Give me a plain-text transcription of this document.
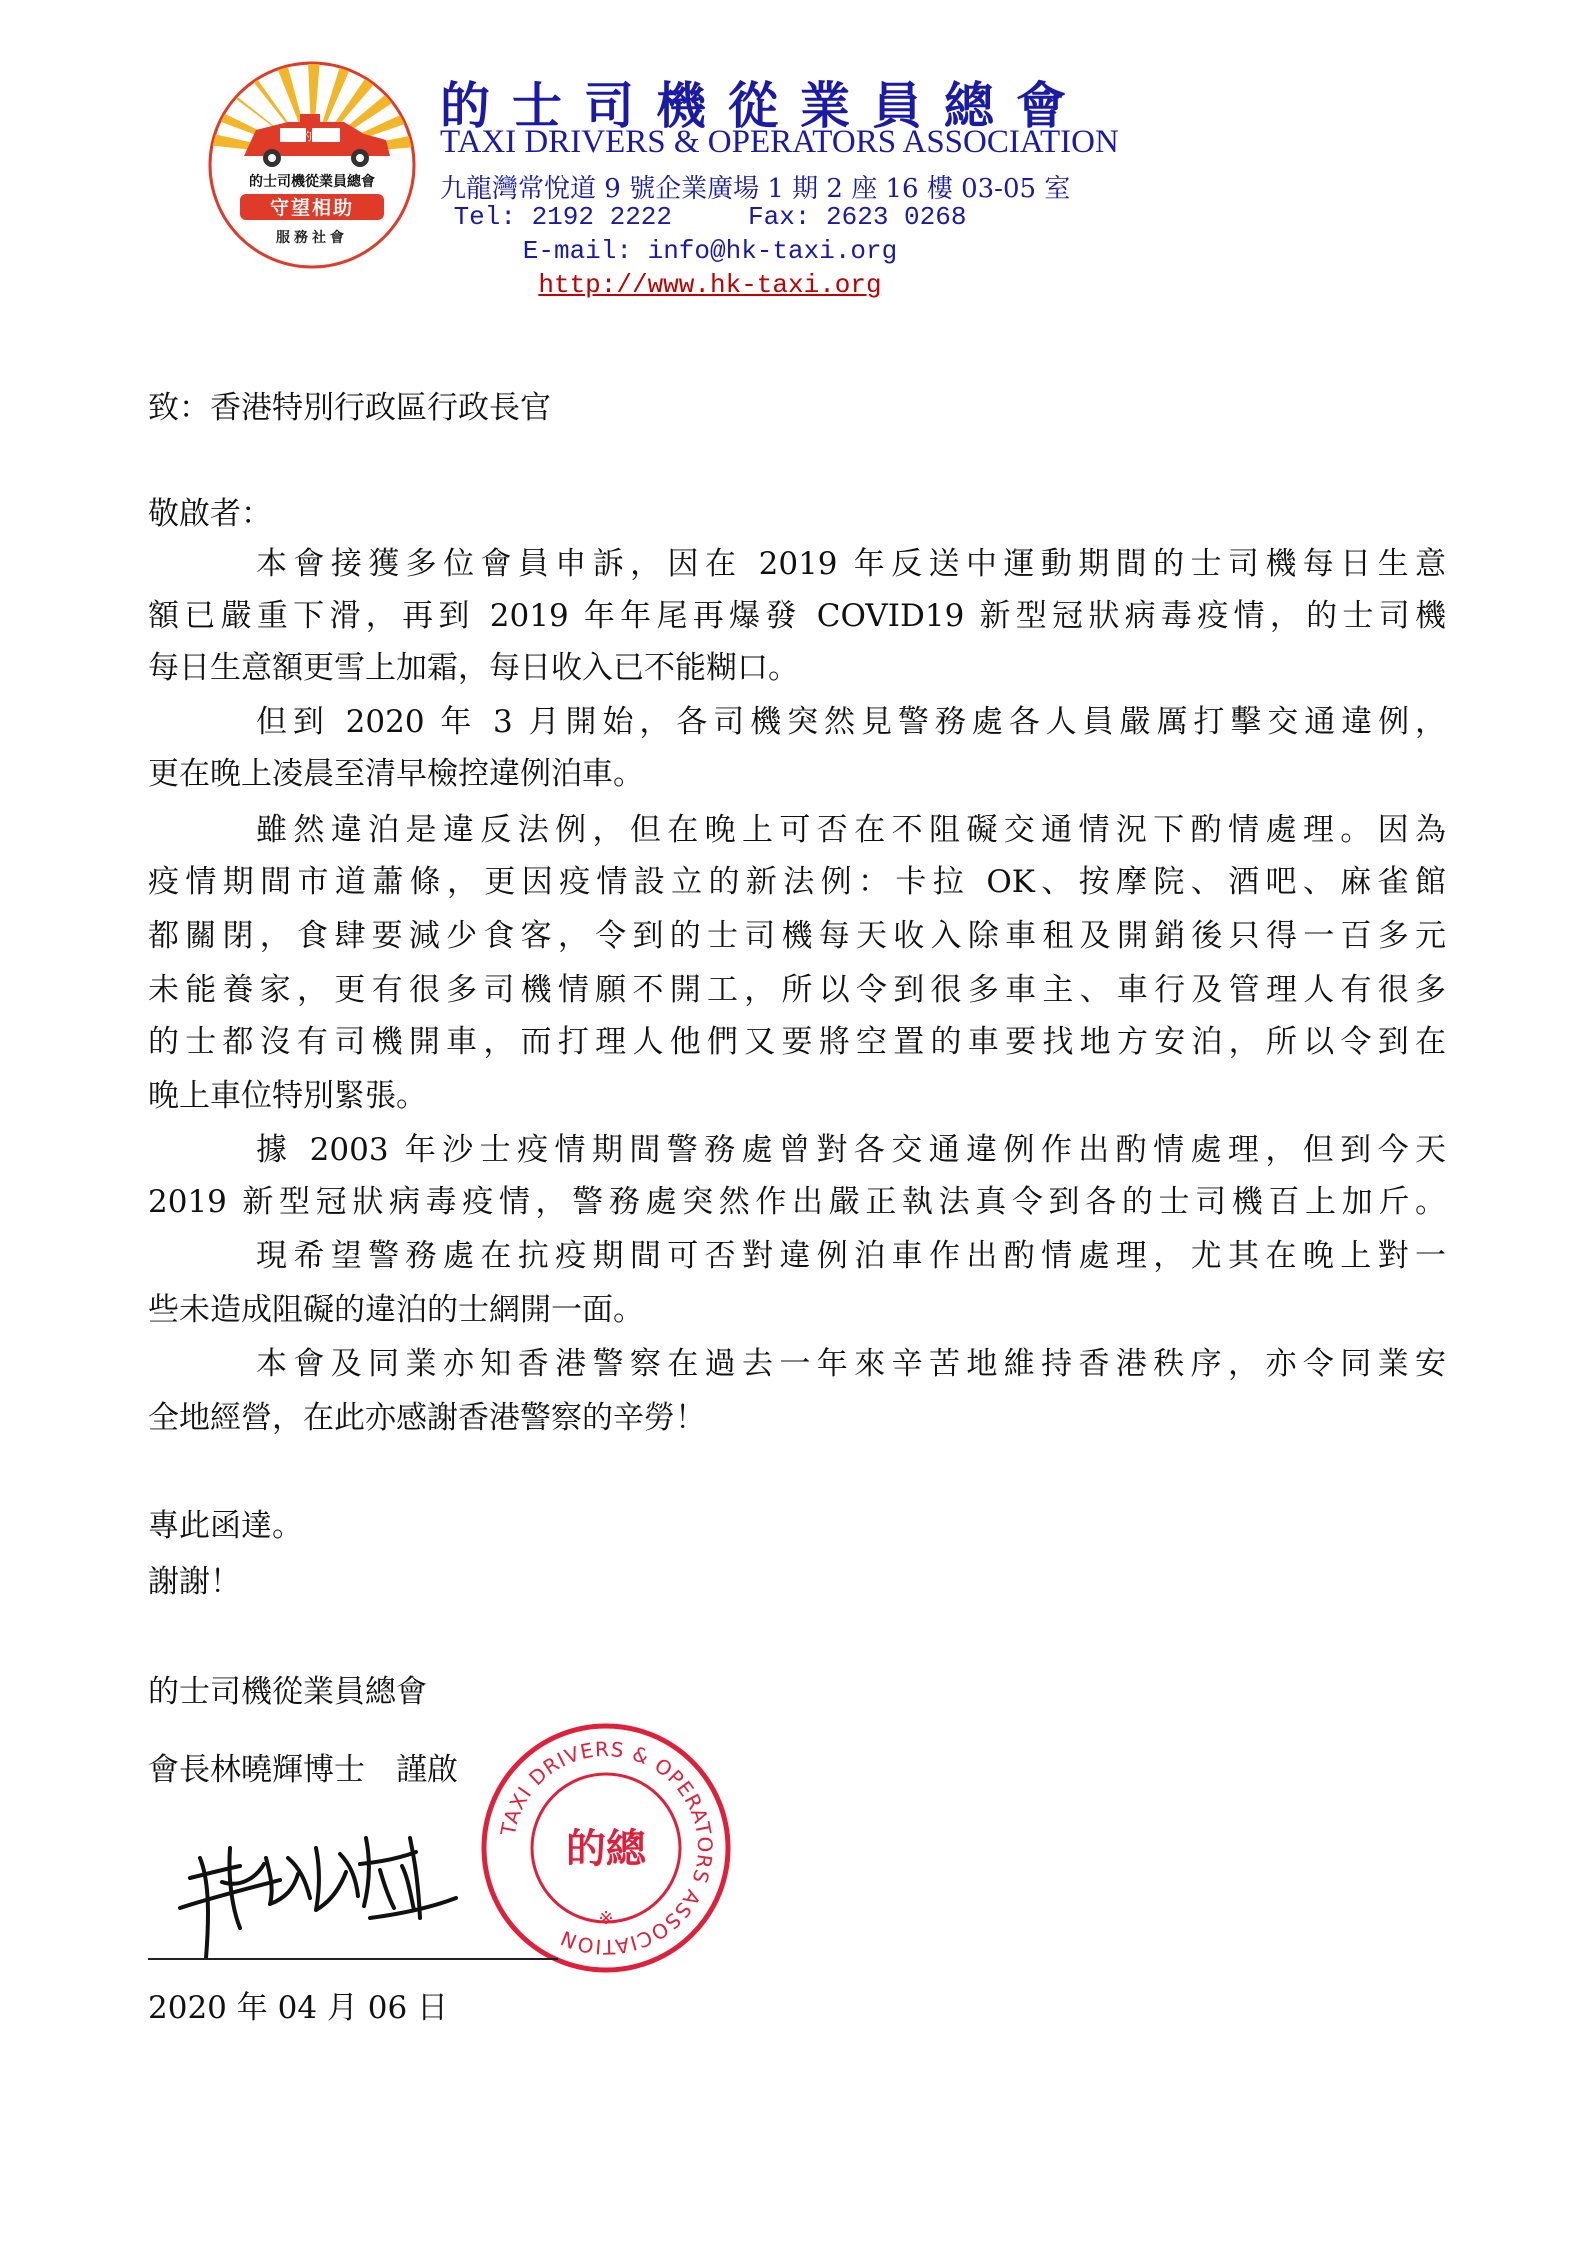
的總
的士司機從業員總會
守望相助
服務社會
的士司機從業員總會
TAXI DRIVERS & OPERATORS ASSOCIATION
九龍灣常悅道 9 號企業廣場 1 期 2 座 16 樓 03-05 室
Tel: 2192 2222	Fax: 2623 0268
E-mail: info@hk-taxi.org
http://www.hk-taxi.org
致：香港特別行政區行政長官
敬啟者：
本會接獲多位會員申訴，因在 2019 年反送中運動期間的士司機每日生意
額已嚴重下滑，再到 2019 年年尾再爆發 COVID19 新型冠狀病毒疫情，的士司機
每日生意額更雪上加霜，每日收入已不能糊口。
但到 2020 年 3 月開始，各司機突然見警務處各人員嚴厲打擊交通違例，
更在晚上凌晨至清早檢控違例泊車。
雖然違泊是違反法例，但在晚上可否在不阻礙交通情況下酌情處理。因為
疫情期間市道蕭條，更因疫情設立的新法例：卡拉 OK、按摩院、酒吧、麻雀館
都關閉，食肆要減少食客，令到的士司機每天收入除車租及開銷後只得一百多元
未能養家，更有很多司機情願不開工，所以令到很多車主、車行及管理人有很多
的士都沒有司機開車，而打理人他們又要將空置的車要找地方安泊，所以令到在
晚上車位特別緊張。
據 2003 年沙士疫情期間警務處曾對各交通違例作出酌情處理，但到今天
2019 新型冠狀病毒疫情，警務處突然作出嚴正執法真令到各的士司機百上加斤。
現希望警務處在抗疫期間可否對違例泊車作出酌情處理，尤其在晚上對一
些未造成阻礙的違泊的士網開一面。
本會及同業亦知香港警察在過去一年來辛苦地維持香港秩序，亦令同業安
全地經營，在此亦感謝香港警察的辛勞！
專此函達。
謝謝！
的士司機從業員總會
會長林曉輝博士　謹啟
TAXI DRIVERS & OPERATORS ASSOCIATION
的總
※
2020 年 04 月 06 日
